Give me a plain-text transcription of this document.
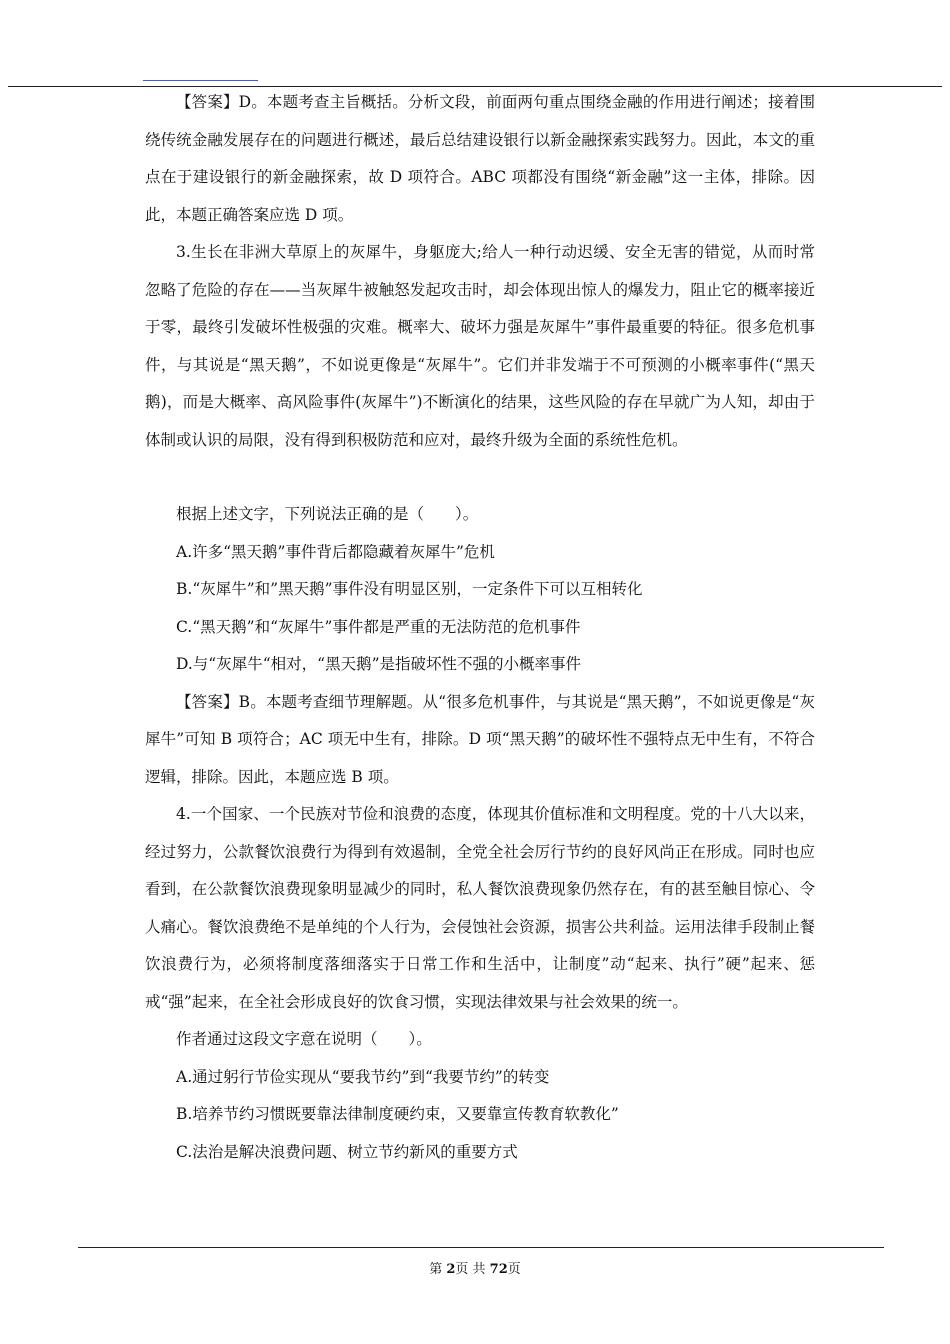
【答案】D。本题考查主旨概括。分析文段，前面两句重点围绕金融的作用进行阐述；接着围绕传统金融发展存在的问题进行概述，最后总结建设银行以新金融探索实践努力。因此，本文的重点在于建设银行的新金融探索，故 D 项符合。ABC 项都没有围绕“新金融”这一主体，排除。因此，本题正确答案应选 D 项。

3.生长在非洲大草原上的灰犀牛，身躯庞大;给人一种行动迟缓、安全无害的错觉，从而时常忽略了危险的存在——当灰犀牛被触怒发起攻击时，却会体现出惊人的爆发力，阻止它的概率接近于零，最终引发破坏性极强的灾难。概率大、破坏力强是灰犀牛”事件最重要的特征。很多危机事件，与其说是“黑天鹅”，不如说更像是“灰犀牛”。它们并非发端于不可预测的小概率事件(“黑天鹅)，而是大概率、高风险事件(灰犀牛”)不断演化的结果，这些风险的存在早就广为人知，却由于体制或认识的局限，没有得到积极防范和应对，最终升级为全面的系统性危机。

根据上述文字，下列说法正确的是（　　）。

A.许多“黑天鹅”事件背后都隐藏着灰犀牛”危机

B.“灰犀牛”和”黑天鹅”事件没有明显区别，一定条件下可以互相转化

C.“黑天鹅”和“灰犀牛”事件都是严重的无法防范的危机事件

D.与“灰犀牛“相对，“黑天鹅”是指破坏性不强的小概率事件

【答案】B。本题考查细节理解题。从“很多危机事件，与其说是“黑天鹅”，不如说更像是“灰犀牛”可知 B 项符合；AC 项无中生有，排除。D 项“黑天鹅”的破坏性不强特点无中生有，不符合逻辑，排除。因此，本题应选 B 项。

4.一个国家、一个民族对节俭和浪费的态度，体现其价值标准和文明程度。党的十八大以来，经过努力，公款餐饮浪费行为得到有效遏制，全党全社会厉行节约的良好风尚正在形成。同时也应看到，在公款餐饮浪费现象明显减少的同时，私人餐饮浪费现象仍然存在，有的甚至触目惊心、令人痛心。餐饮浪费绝不是单纯的个人行为，会侵蚀社会资源，损害公共利益。运用法律手段制止餐饮浪费行为，必须将制度落细落实于日常工作和生活中，让制度”动“起来、执行”硬”起来、惩戒“强”起来，在全社会形成良好的饮食习惯，实现法律效果与社会效果的统一。

作者通过这段文字意在说明（　　）。

A.通过躬行节俭实现从“要我节约”到“我要节约”的转变

B.培养节约习惯既要靠法律制度硬约束，又要靠宣传教育软教化”

C.法治是解决浪费问题、树立节约新风的重要方式

第 2页 共 72页
